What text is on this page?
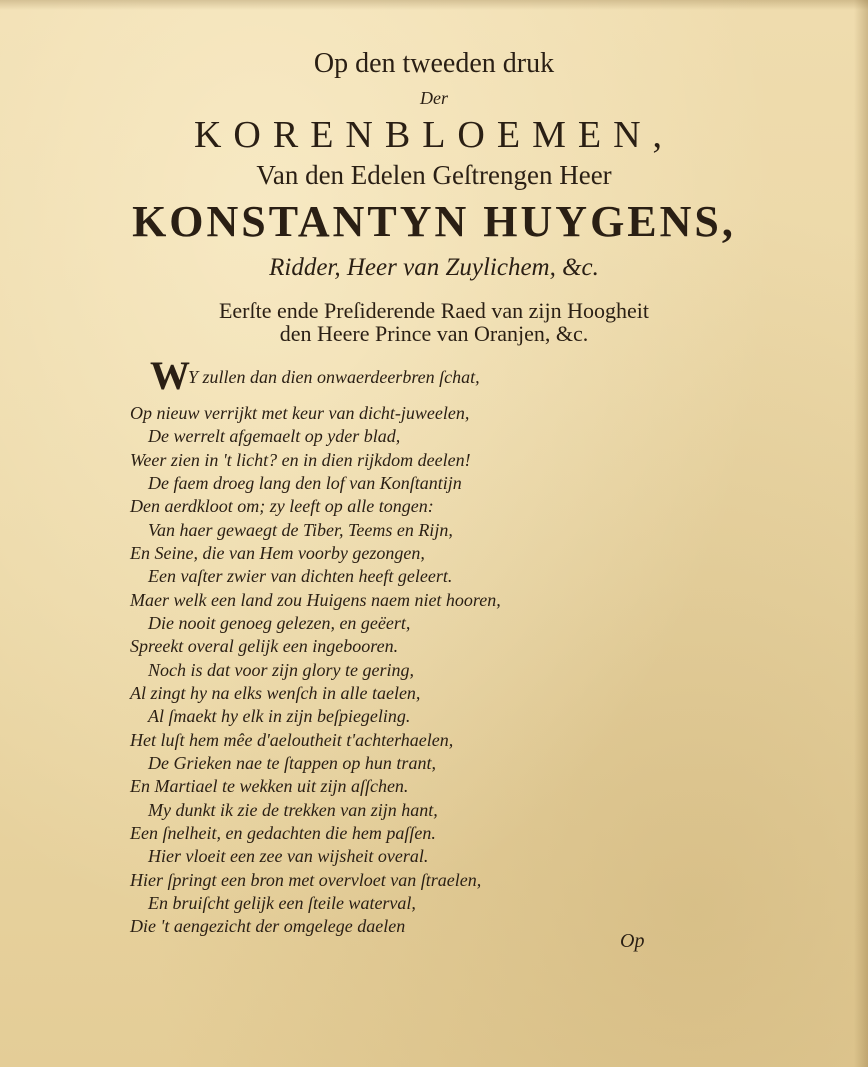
Op den tweeden druk
Der
KORENBLOEMEN,
Van den Edelen Geſtrengen Heer
KONSTANTYN HUYGENS,
Ridder, Heer van Zuylichem, &c.
Eerſte ende Preſiderende Raed van zijn Hoogheit
den Heere Prince van Oranjen, &c.
WY zullen dan dien onwaerdeerbren ſchat,
Op nieuw verrijkt met keur van dicht-juweelen,
De werrelt afgemaelt op yder blad,
Weer zien in 't licht? en in dien rijkdom deelen!
De faem droeg lang den lof van Konſtantijn
Den aerdkloot om; zy leeft op alle tongen:
Van haer gewaegt de Tiber, Teems en Rijn,
En Seine, die van Hem voorby gezongen,
Een vaſter zwier van dichten heeft geleert.
Maer welk een land zou Huigens naem niet hooren,
Die nooit genoeg gelezen, en geëert,
Spreekt overal gelijk een ingebooren.
Noch is dat voor zijn glory te gering,
Al zingt hy na elks wenſch in alle taelen,
Al ſmaekt hy elk in zijn beſpiegeling.
Het luſt hem mêe d'aeloutheit t'achterhaelen,
De Grieken nae te ſtappen op hun trant,
En Martiael te wekken uit zijn aſſchen.
My dunkt ik zie de trekken van zijn hant,
Een ſnelheit, en gedachten die hem paſſen.
Hier vloeit een zee van wijsheit overal.
Hier ſpringt een bron met overvloet van ſtraelen,
En bruiſcht gelijk een ſteile waterval,
Die 't aengezicht der omgelege daelen
Op
